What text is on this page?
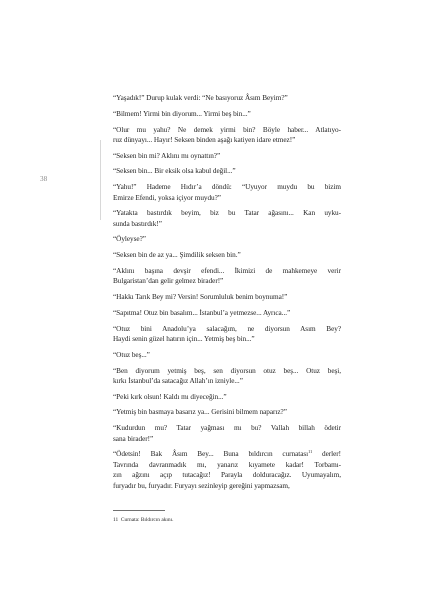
38

“Yaşadık!” Durup kulak verdi: “Ne basıyoruz Âsım Beyim?”

“Bilmem! Yirmi bin diyorum... Yirmi beş bin...”

“Olur mu yahu? Ne demek yirmi bin? Böyle haber... Atlatıyo-
ruz dünyayı... Hayır! Seksen binden aşağı katiyen idare etmez!”

“Seksen bin mi? Aklını mı oynattın?”

“Seksen bin... Bir eksik olsa kabul değil...”

“Yahu!” Hademe Hıdır’a döndü: “Uyuyor muydu bu bizim
Emirze Efendi, yoksa içiyor muydu?”

“Yatakta bastırdık beyim, biz bu Tatar ağasını... Kan uyku-
sunda bastırdık!”

“Öyleyse?”

“Seksen bin de az ya... Şimdilik seksen bin.”

“Aklını başına devşir efendi... İkimizi de mahkemeye verir
Bulgaristan’dan gelir gelmez birader!”

“Hakkı Tarık Bey mi? Versin! Sorumluluk benim boynuma!”

“Sapıtma! Otuz bin basalım... İstanbul’a yetmezse... Ayrıca...”

“Otuz bini Anadolu’ya salacağım, ne diyorsun Asım Bey?
Haydi senin güzel hatırın için... Yetmiş beş bin...”

“Otuz beş...”

“Ben diyorum yetmiş beş, sen diyorsun otuz beş... Otuz beşi,
kırkı İstanbul’da satacağız Allah’ın izniyle...”

“Peki kırk olsun! Kaldı mı diyeceğin...”

“Yetmiş bin basmaya basarız ya... Gerisini bilmem naparız?”

“Kudurdun mu? Tatar yağması mı bu? Vallah billah ödetir
sana birader!”

“Ödetsin! Bak Âsım Bey... Buna bıldırcın curnatası$^{11}$ derler!
Tavrında davranmadık mı, yanarız kıyamete kadar! Torbamı-
zın ağzını açıp tutacağız! Parayla dolduracağız. Uyumayalım,
furyadır bu, furyadır. Furyayı sezinleyip gereğini yapmazsam,

11 Curnata: Bıldırcın akını.
